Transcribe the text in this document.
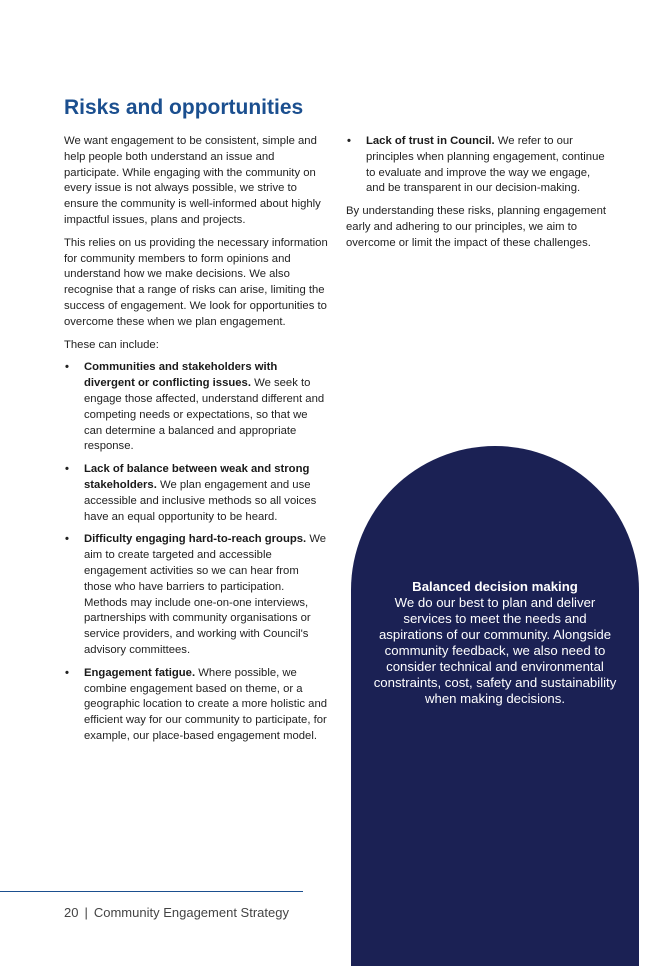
Risks and opportunities

We want engagement to be consistent, simple and help people both understand an issue and participate. While engaging with the community on every issue is not always possible, we strive to ensure the community is well-informed about highly impactful issues, plans and projects.

This relies on us providing the necessary information for community members to form opinions and understand how we make decisions. We also recognise that a range of risks can arise, limiting the success of engagement. We look for opportunities to overcome these when we plan engagement.

These can include:

• Communities and stakeholders with divergent or conflicting issues. We seek to engage those affected, understand different and competing needs or expectations, so that we can determine a balanced and appropriate response.
• Lack of balance between weak and strong stakeholders. We plan engagement and use accessible and inclusive methods so all voices have an equal opportunity to be heard.
• Difficulty engaging hard-to-reach groups. We aim to create targeted and accessible engagement activities so we can hear from those who have barriers to participation. Methods may include one-on-one interviews, partnerships with community organisations or service providers, and working with Council's advisory committees.
• Engagement fatigue. Where possible, we combine engagement based on theme, or a geographic location to create a more holistic and efficient way for our community to participate, for example, our place-based engagement model.
• Lack of trust in Council. We refer to our principles when planning engagement, continue to evaluate and improve the way we engage, and be transparent in our decision-making.

By understanding these risks, planning engagement early and adhering to our principles, we aim to overcome or limit the impact of these challenges.

Balanced decision making
We do our best to plan and deliver services to meet the needs and aspirations of our community. Alongside community feedback, we also need to consider technical and environmental constraints, cost, safety and sustainability when making decisions.
20 | Community Engagement Strategy
